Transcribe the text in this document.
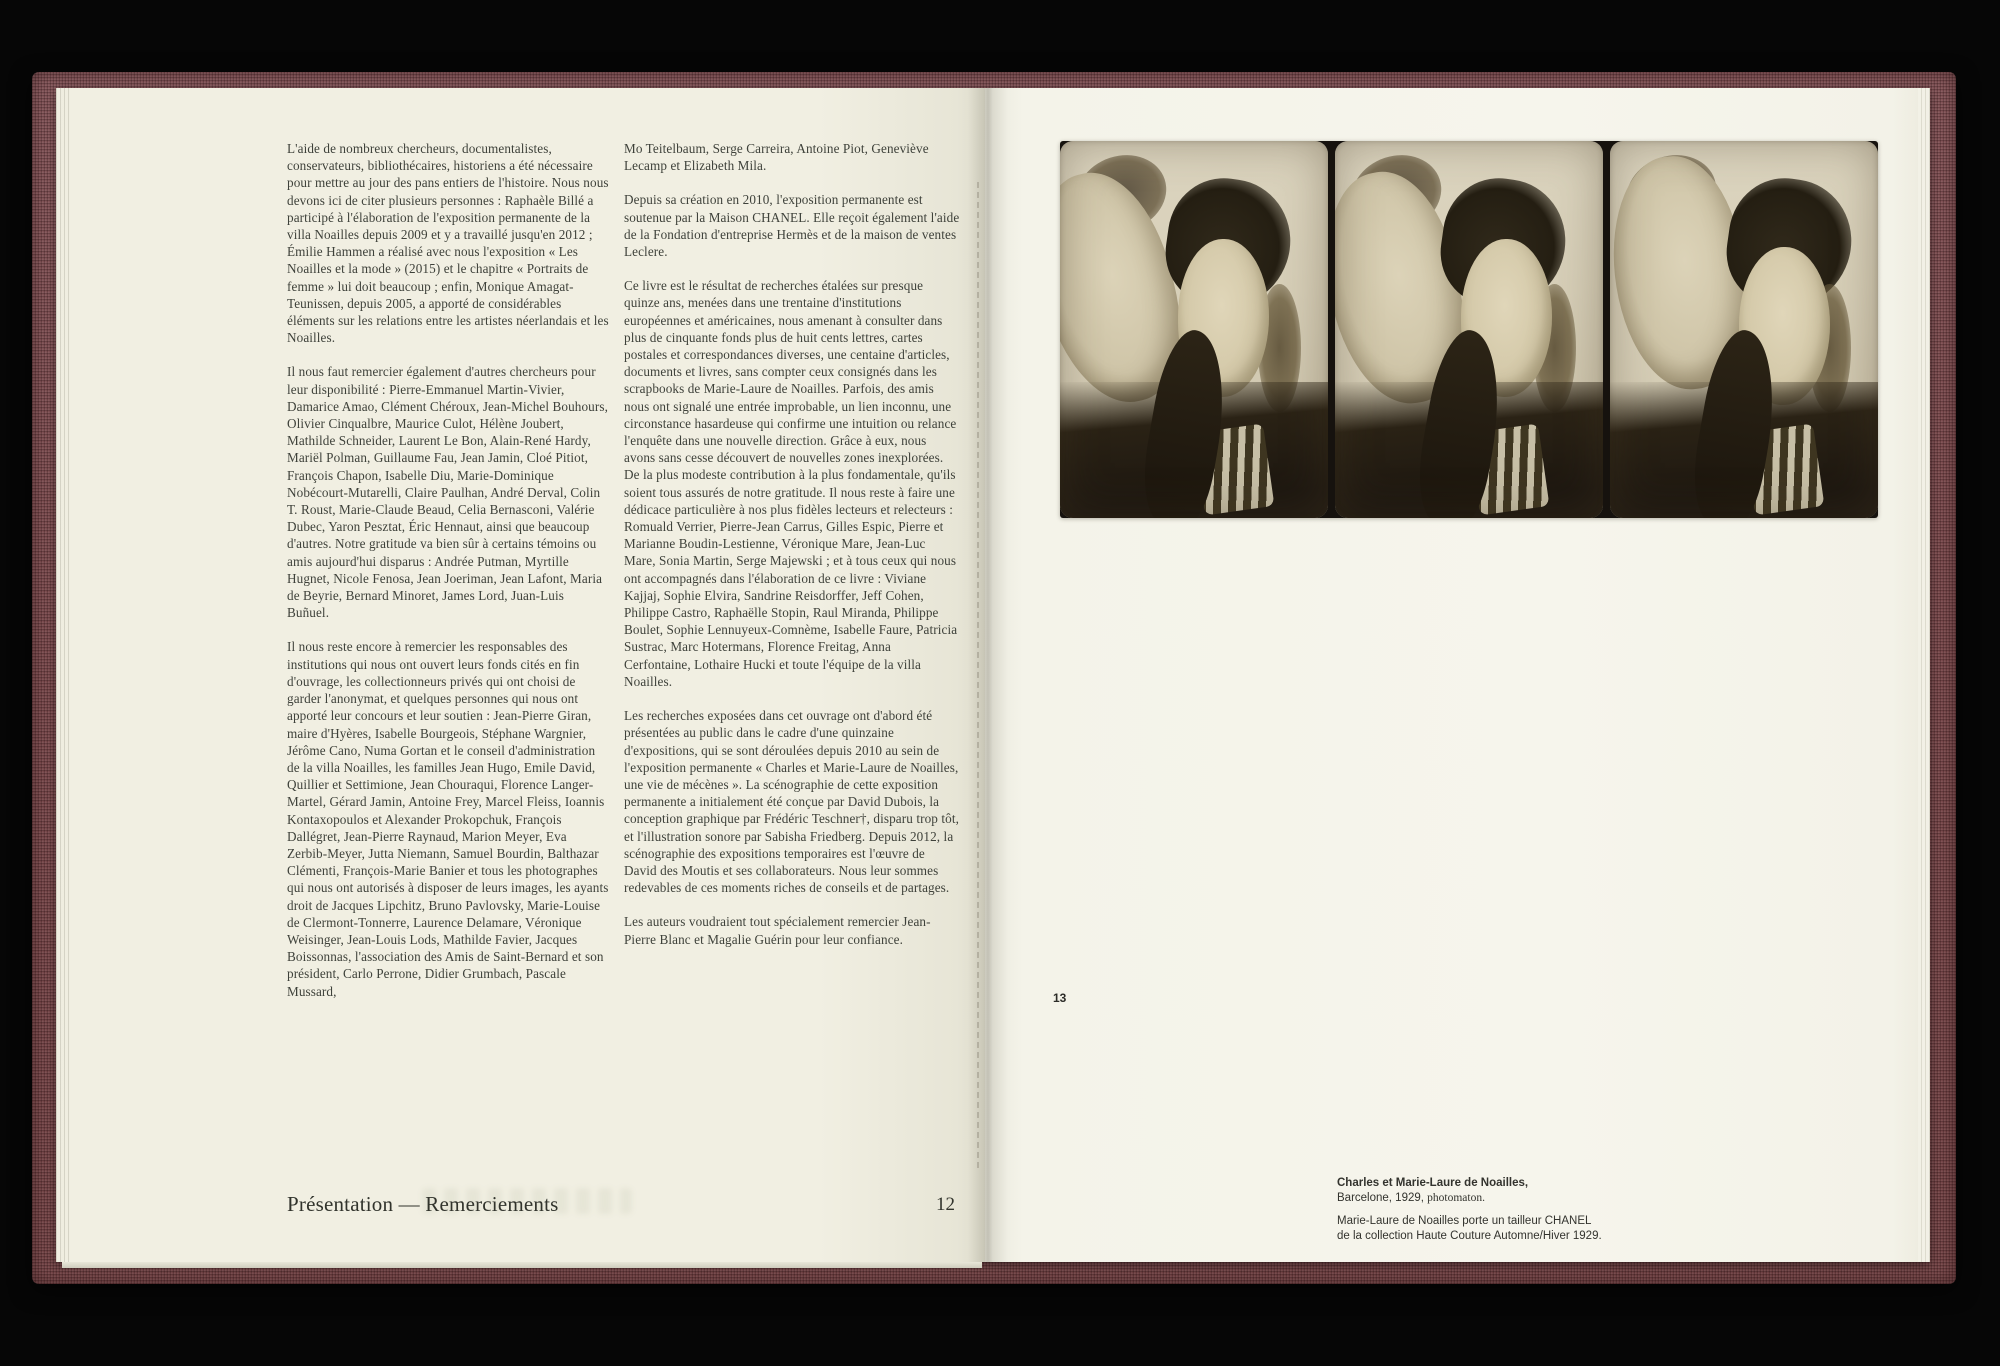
L'aide de nombreux chercheurs, documentalistes, conservateurs, bibliothécaires, historiens a été nécessaire pour mettre au jour des pans entiers de l'histoire. Nous nous devons ici de citer plusieurs personnes : Raphaèle Billé a participé à l'élaboration de l'exposition permanente de la villa Noailles depuis 2009 et y a travaillé jusqu'en 2012 ; Émilie Hammen a réalisé avec nous l'exposition « Les Noailles et la mode » (2015) et le chapitre « Portraits de femme » lui doit beaucoup ; enfin, Monique Amagat-Teunissen, depuis 2005, a apporté de considérables éléments sur les relations entre les artistes néerlandais et les Noailles.

Il nous faut remercier également d'autres chercheurs pour leur disponibilité : Pierre-Emmanuel Martin-Vivier, Damarice Amao, Clément Chéroux, Jean-Michel Bouhours, Olivier Cinqualbre, Maurice Culot, Hélène Joubert, Mathilde Schneider, Laurent Le Bon, Alain-René Hardy, Mariël Polman, Guillaume Fau, Jean Jamin, Cloé Pitiot, François Chapon, Isabelle Diu, Marie-Dominique Nobécourt-Mutarelli, Claire Paulhan, André Derval, Colin T. Roust, Marie-Claude Beaud, Celia Bernasconi, Valérie Dubec, Yaron Pesztat, Éric Hennaut, ainsi que beaucoup d'autres. Notre gratitude va bien sûr à certains témoins ou amis aujourd'hui disparus : Andrée Putman, Myrtille Hugnet, Nicole Fenosa, Jean Joeriman, Jean Lafont, Maria de Beyrie, Bernard Minoret, James Lord, Juan-Luis Buñuel.

Il nous reste encore à remercier les responsables des institutions qui nous ont ouvert leurs fonds cités en fin d'ouvrage, les collectionneurs privés qui ont choisi de garder l'anonymat, et quelques personnes qui nous ont apporté leur concours et leur soutien : Jean-Pierre Giran, maire d'Hyères, Isabelle Bourgeois, Stéphane Wargnier, Jérôme Cano, Numa Gortan et le conseil d'administration de la villa Noailles, les familles Jean Hugo, Emile David, Quillier et Settimione, Jean Chouraqui, Florence Langer-Martel, Gérard Jamin, Antoine Frey, Marcel Fleiss, Ioannis Kontaxopoulos et Alexander Prokopchuk, François Dallégret, Jean-Pierre Raynaud, Marion Meyer, Eva Zerbib-Meyer, Jutta Niemann, Samuel Bourdin, Balthazar Clémenti, François-Marie Banier et tous les photographes qui nous ont autorisés à disposer de leurs images, les ayants droit de Jacques Lipchitz, Bruno Pavlovsky, Marie-Louise de Clermont-Tonnerre, Laurence Delamare, Véronique Weisinger, Jean-Louis Lods, Mathilde Favier, Jacques Boissonnas, l'association des Amis de Saint-Bernard et son président, Carlo Perrone, Didier Grumbach, Pascale Mussard,

Mo Teitelbaum, Serge Carreira, Antoine Piot, Geneviève Lecamp et Elizabeth Mila.

Depuis sa création en 2010, l'exposition permanente est soutenue par la Maison CHANEL. Elle reçoit également l'aide de la Fondation d'entreprise Hermès et de la maison de ventes Leclere.

Ce livre est le résultat de recherches étalées sur presque quinze ans, menées dans une trentaine d'institutions européennes et américaines, nous amenant à consulter dans plus de cinquante fonds plus de huit cents lettres, cartes postales et correspondances diverses, une centaine d'articles, documents et livres, sans compter ceux consignés dans les scrapbooks de Marie-Laure de Noailles. Parfois, des amis nous ont signalé une entrée improbable, un lien inconnu, une circonstance hasardeuse qui confirme une intuition ou relance l'enquête dans une nouvelle direction. Grâce à eux, nous avons sans cesse découvert de nouvelles zones inexplorées. De la plus modeste contribution à la plus fondamentale, qu'ils soient tous assurés de notre gratitude. Il nous reste à faire une dédicace particulière à nos plus fidèles lecteurs et relecteurs : Romuald Verrier, Pierre-Jean Carrus, Gilles Espic, Pierre et Marianne Boudin-Lestienne, Véronique Mare, Jean-Luc Mare, Sonia Martin, Serge Majewski ; et à tous ceux qui nous ont accompagnés dans l'élaboration de ce livre : Viviane Kajjaj, Sophie Elvira, Sandrine Reisdorffer, Jeff Cohen, Philippe Castro, Raphaëlle Stopin, Raul Miranda, Philippe Boulet, Sophie Lennuyeux-Comnème, Isabelle Faure, Patricia Sustrac, Marc Hotermans, Florence Freitag, Anna Cerfontaine, Lothaire Hucki et toute l'équipe de la villa Noailles.

Les recherches exposées dans cet ouvrage ont d'abord été présentées au public dans le cadre d'une quinzaine d'expositions, qui se sont déroulées depuis 2010 au sein de l'exposition permanente « Charles et Marie-Laure de Noailles, une vie de mécènes ». La scénographie de cette exposition permanente a initialement été conçue par David Dubois, la conception graphique par Frédéric Teschner†, disparu trop tôt, et l'illustration sonore par Sabisha Friedberg. Depuis 2012, la scénographie des expositions temporaires est l'œuvre de David des Moutis et ses collaborateurs. Nous leur sommes redevables de ces moments riches de conseils et de partages.

Les auteurs voudraient tout spécialement remercier Jean-Pierre Blanc et Magalie Guérin pour leur confiance.

Présentation — Remerciements	12
13
Charles et Marie-Laure de Noailles,
Barcelone, 1929, photomaton.
Marie-Laure de Noailles porte un tailleur CHANEL
de la collection Haute Couture Automne/Hiver 1929.
